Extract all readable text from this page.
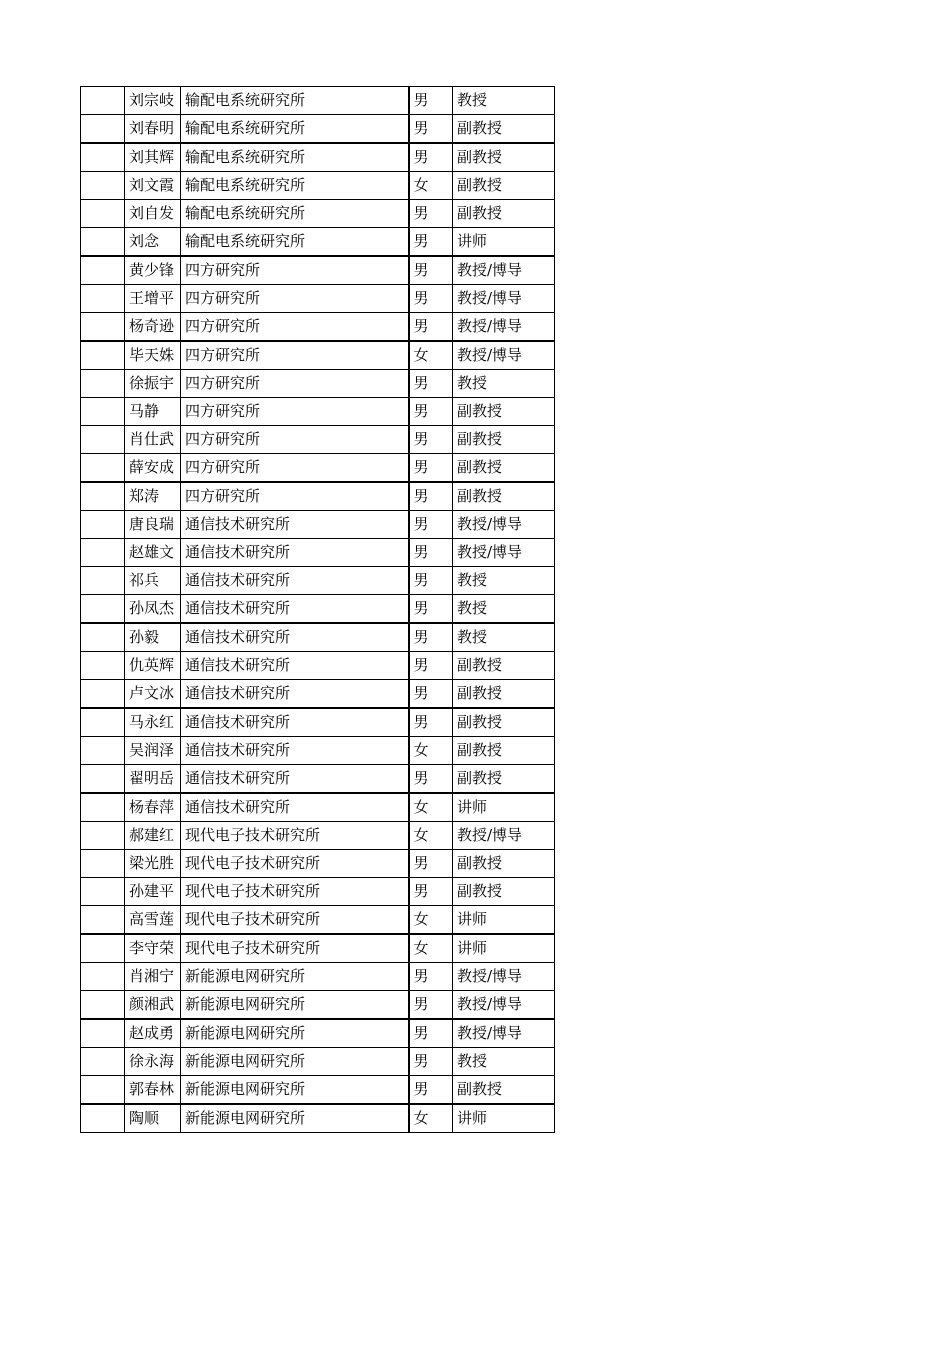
	刘宗岐	输配电系统研究所	男	教授
	刘春明	输配电系统研究所	男	副教授
	刘其辉	输配电系统研究所	男	副教授
	刘文霞	输配电系统研究所	女	副教授
	刘自发	输配电系统研究所	男	副教授
	刘念	输配电系统研究所	男	讲师
	黄少锋	四方研究所	男	教授/博导
	王增平	四方研究所	男	教授/博导
	杨奇逊	四方研究所	男	教授/博导
	毕天姝	四方研究所	女	教授/博导
	徐振宇	四方研究所	男	教授
	马静	四方研究所	男	副教授
	肖仕武	四方研究所	男	副教授
	薛安成	四方研究所	男	副教授
	郑涛	四方研究所	男	副教授
	唐良瑞	通信技术研究所	男	教授/博导
	赵雄文	通信技术研究所	男	教授/博导
	祁兵	通信技术研究所	男	教授
	孙凤杰	通信技术研究所	男	教授
	孙毅	通信技术研究所	男	教授
	仇英辉	通信技术研究所	男	副教授
	卢文冰	通信技术研究所	男	副教授
	马永红	通信技术研究所	男	副教授
	吴润泽	通信技术研究所	女	副教授
	翟明岳	通信技术研究所	男	副教授
	杨春萍	通信技术研究所	女	讲师
	郝建红	现代电子技术研究所	女	教授/博导
	梁光胜	现代电子技术研究所	男	副教授
	孙建平	现代电子技术研究所	男	副教授
	高雪莲	现代电子技术研究所	女	讲师
	李守荣	现代电子技术研究所	女	讲师
	肖湘宁	新能源电网研究所	男	教授/博导
	颜湘武	新能源电网研究所	男	教授/博导
	赵成勇	新能源电网研究所	男	教授/博导
	徐永海	新能源电网研究所	男	教授
	郭春林	新能源电网研究所	男	副教授
	陶顺	新能源电网研究所	女	讲师
